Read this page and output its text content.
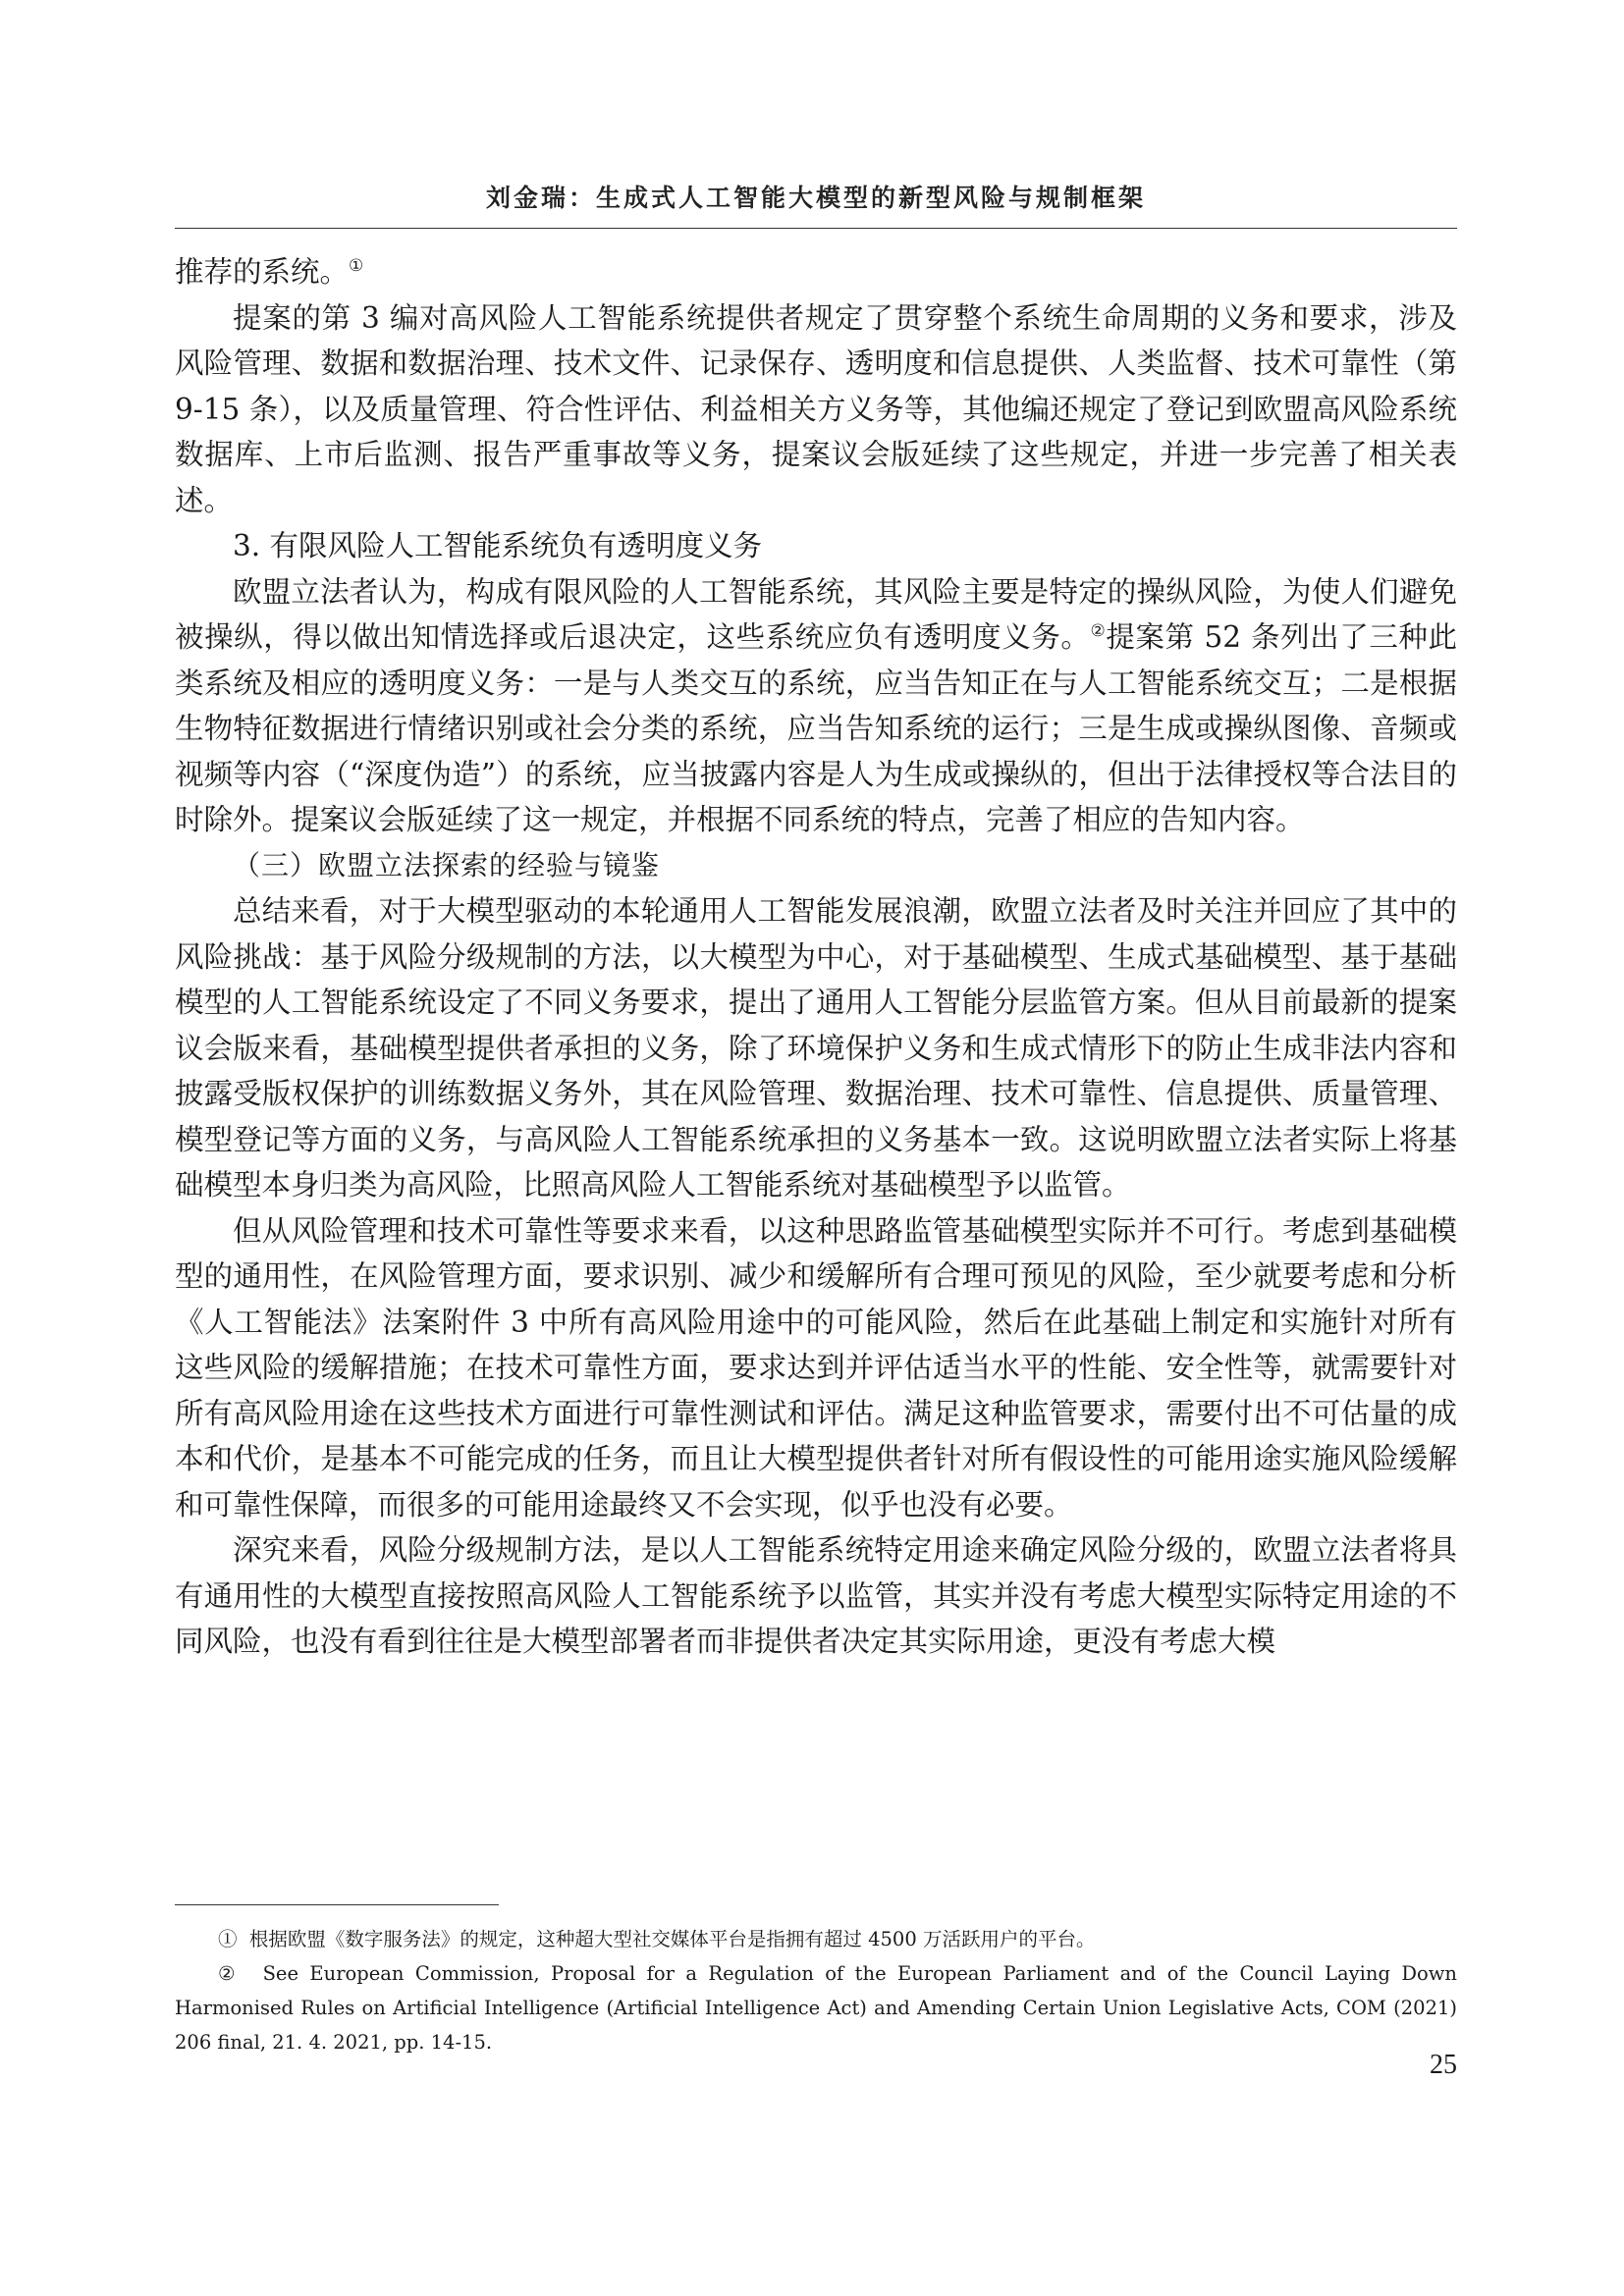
刘金瑞：生成式人工智能大模型的新型风险与规制框架

推荐的系统。①

提案的第 3 编对高风险人工智能系统提供者规定了贯穿整个系统生命周期的义务和要求，涉及风险管理、数据和数据治理、技术文件、记录保存、透明度和信息提供、人类监督、技术可靠性（第 9-15 条），以及质量管理、符合性评估、利益相关方义务等，其他编还规定了登记到欧盟高风险系统数据库、上市后监测、报告严重事故等义务，提案议会版延续了这些规定，并进一步完善了相关表述。

3. 有限风险人工智能系统负有透明度义务

欧盟立法者认为，构成有限风险的人工智能系统，其风险主要是特定的操纵风险，为使人们避免被操纵，得以做出知情选择或后退决定，这些系统应负有透明度义务。②提案第 52 条列出了三种此类系统及相应的透明度义务：一是与人类交互的系统，应当告知正在与人工智能系统交互；二是根据生物特征数据进行情绪识别或社会分类的系统，应当告知系统的运行；三是生成或操纵图像、音频或视频等内容（“深度伪造”）的系统，应当披露内容是人为生成或操纵的，但出于法律授权等合法目的时除外。提案议会版延续了这一规定，并根据不同系统的特点，完善了相应的告知内容。

（三）欧盟立法探索的经验与镜鉴

总结来看，对于大模型驱动的本轮通用人工智能发展浪潮，欧盟立法者及时关注并回应了其中的风险挑战：基于风险分级规制的方法，以大模型为中心，对于基础模型、生成式基础模型、基于基础模型的人工智能系统设定了不同义务要求，提出了通用人工智能分层监管方案。但从目前最新的提案议会版来看，基础模型提供者承担的义务，除了环境保护义务和生成式情形下的防止生成非法内容和披露受版权保护的训练数据义务外，其在风险管理、数据治理、技术可靠性、信息提供、质量管理、模型登记等方面的义务，与高风险人工智能系统承担的义务基本一致。这说明欧盟立法者实际上将基础模型本身归类为高风险，比照高风险人工智能系统对基础模型予以监管。

但从风险管理和技术可靠性等要求来看，以这种思路监管基础模型实际并不可行。考虑到基础模型的通用性，在风险管理方面，要求识别、减少和缓解所有合理可预见的风险，至少就要考虑和分析《人工智能法》法案附件 3 中所有高风险用途中的可能风险，然后在此基础上制定和实施针对所有这些风险的缓解措施；在技术可靠性方面，要求达到并评估适当水平的性能、安全性等，就需要针对所有高风险用途在这些技术方面进行可靠性测试和评估。满足这种监管要求，需要付出不可估量的成本和代价，是基本不可能完成的任务，而且让大模型提供者针对所有假设性的可能用途实施风险缓解和可靠性保障，而很多的可能用途最终又不会实现，似乎也没有必要。

深究来看，风险分级规制方法，是以人工智能系统特定用途来确定风险分级的，欧盟立法者将具有通用性的大模型直接按照高风险人工智能系统予以监管，其实并没有考虑大模型实际特定用途的不同风险，也没有看到往往是大模型部署者而非提供者决定其实际用途，更没有考虑大模

① 根据欧盟《数字服务法》的规定，这种超大型社交媒体平台是指拥有超过 4500 万活跃用户的平台。

② See European Commission, Proposal for a Regulation of the European Parliament and of the Council Laying Down Harmonised Rules on Artificial Intelligence (Artificial Intelligence Act) and Amending Certain Union Legislative Acts, COM (2021) 206 final, 21. 4. 2021, pp. 14-15.

25
